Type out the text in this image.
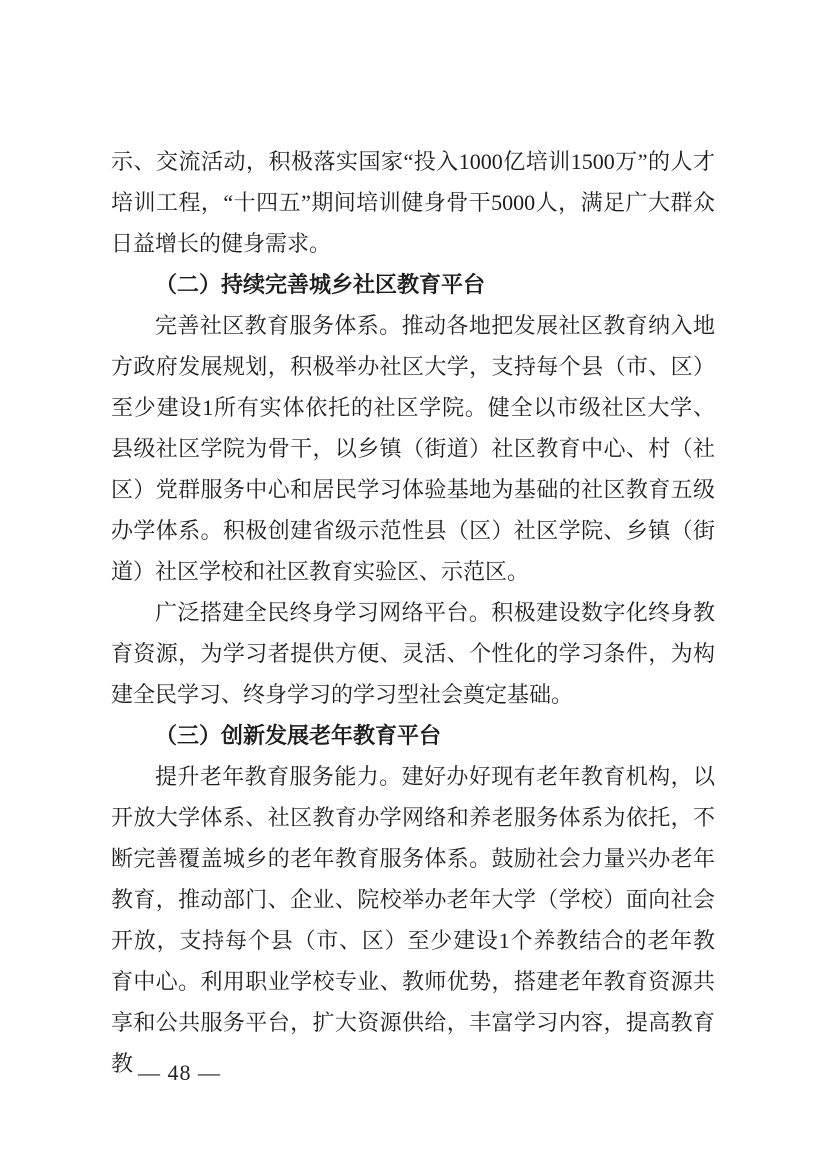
示、交流活动，积极落实国家“投入1000亿培训1500万”的人才培训工程，“十四五”期间培训健身骨干5000人，满足广大群众日益增长的健身需求。

（二）持续完善城乡社区教育平台

完善社区教育服务体系。推动各地把发展社区教育纳入地方政府发展规划，积极举办社区大学，支持每个县（市、区）至少建设1所有实体依托的社区学院。健全以市级社区大学、县级社区学院为骨干，以乡镇（街道）社区教育中心、村（社区）党群服务中心和居民学习体验基地为基础的社区教育五级办学体系。积极创建省级示范性县（区）社区学院、乡镇（街道）社区学校和社区教育实验区、示范区。

广泛搭建全民终身学习网络平台。积极建设数字化终身教育资源，为学习者提供方便、灵活、个性化的学习条件，为构建全民学习、终身学习的学习型社会奠定基础。

（三）创新发展老年教育平台

提升老年教育服务能力。建好办好现有老年教育机构，以开放大学体系、社区教育办学网络和养老服务体系为依托，不断完善覆盖城乡的老年教育服务体系。鼓励社会力量兴办老年教育，推动部门、企业、院校举办老年大学（学校）面向社会开放，支持每个县（市、区）至少建设1个养教结合的老年教育中心。利用职业学校专业、教师优势，搭建老年教育资源共享和公共服务平台，扩大资源供给，丰富学习内容，提高教育教 — 48 —
